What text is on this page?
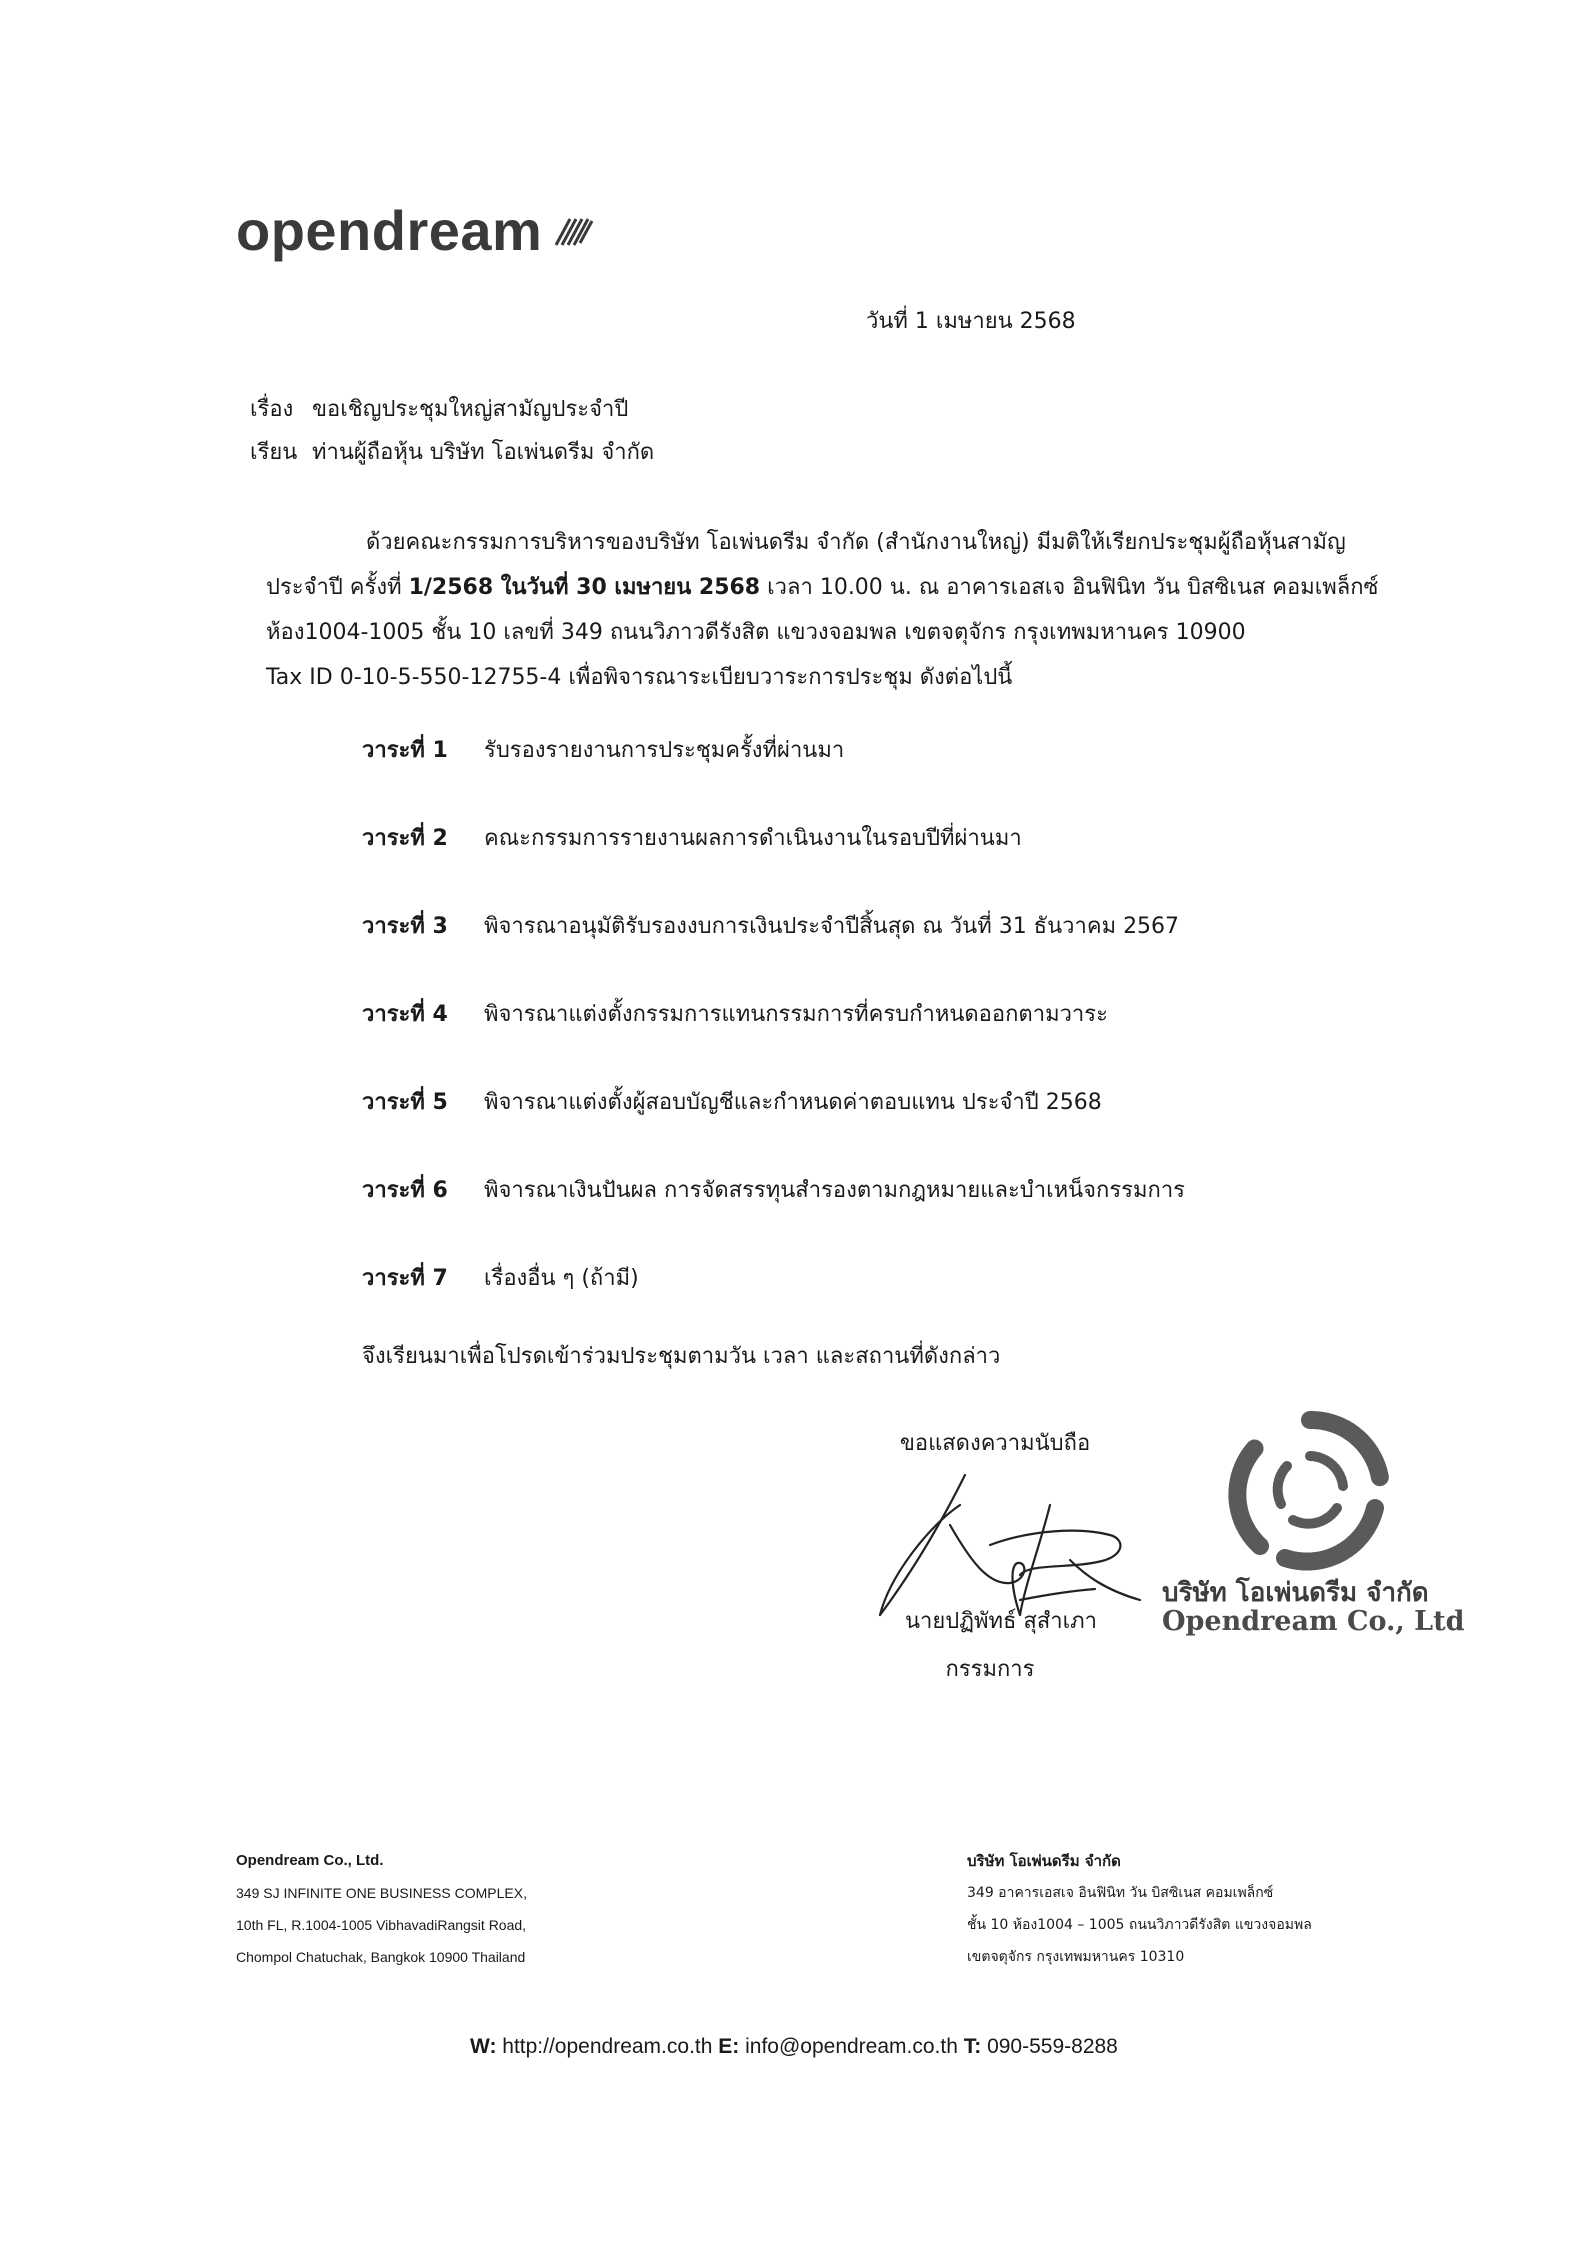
opendream
วันที่ 1 เมษายน 2568
เรื่อง ขอเชิญประชุมใหญ่สามัญประจำปี
เรียน ท่านผู้ถือหุ้น บริษัท โอเพ่นดรีม จำกัด

ด้วยคณะกรรมการบริหารของบริษัท โอเพ่นดรีม จำกัด (สำนักงานใหญ่) มีมติให้เรียกประชุมผู้ถือหุ้นสามัญ

ประจำปี ครั้งที่ 1/2568 ในวันที่ 30 เมษายน 2568 เวลา 10.00 น. ณ อาคารเอสเจ อินฟินิท วัน บิสซิเนส คอมเพล็กซ์

ห้อง1004-1005 ชั้น 10 เลขที่ 349 ถนนวิภาวดีรังสิต แขวงจอมพล เขตจตุจักร กรุงเทพมหานคร 10900

Tax ID 0-10-5-550-12755-4 เพื่อพิจารณาระเบียบวาระการประชุม ดังต่อไปนี้

วาระที่ 1 รับรองรายงานการประชุมครั้งที่ผ่านมา
วาระที่ 2 คณะกรรมการรายงานผลการดำเนินงานในรอบปีที่ผ่านมา
วาระที่ 3 พิจารณาอนุมัติรับรองงบการเงินประจำปีสิ้นสุด ณ วันที่ 31 ธันวาคม 2567
วาระที่ 4 พิจารณาแต่งตั้งกรรมการแทนกรรมการที่ครบกำหนดออกตามวาระ
วาระที่ 5 พิจารณาแต่งตั้งผู้สอบบัญชีและกำหนดค่าตอบแทน ประจำปี 2568
วาระที่ 6 พิจารณาเงินปันผล การจัดสรรทุนสำรองตามกฎหมายและบำเหน็จกรรมการ
วาระที่ 7 เรื่องอื่น ๆ (ถ้ามี)
จึงเรียนมาเพื่อโปรดเข้าร่วมประชุมตามวัน เวลา และสถานที่ดังกล่าว
ขอแสดงความนับถือ
นายปฏิพัทธ์ สุสำเภา
กรรมการ
บริษัท โอเพ่นดรีม จำกัด
Opendream Co., Ltd
Opendream Co., Ltd.
349 SJ INFINITE ONE BUSINESS COMPLEX,
10th FL, R.1004-1005 VibhavadiRangsit Road,
Chompol Chatuchak, Bangkok 10900 Thailand
บริษัท โอเพ่นดรีม จำกัด
349 อาคารเอสเจ อินฟินิท วัน บิสซิเนส คอมเพล็กซ์
ชั้น 10 ห้อง1004 – 1005 ถนนวิภาวดีรังสิต แขวงจอมพล
เขตจตุจักร กรุงเทพมหานคร 10310
W: http://opendream.co.th E: info@opendream.co.th T: 090-559-8288
